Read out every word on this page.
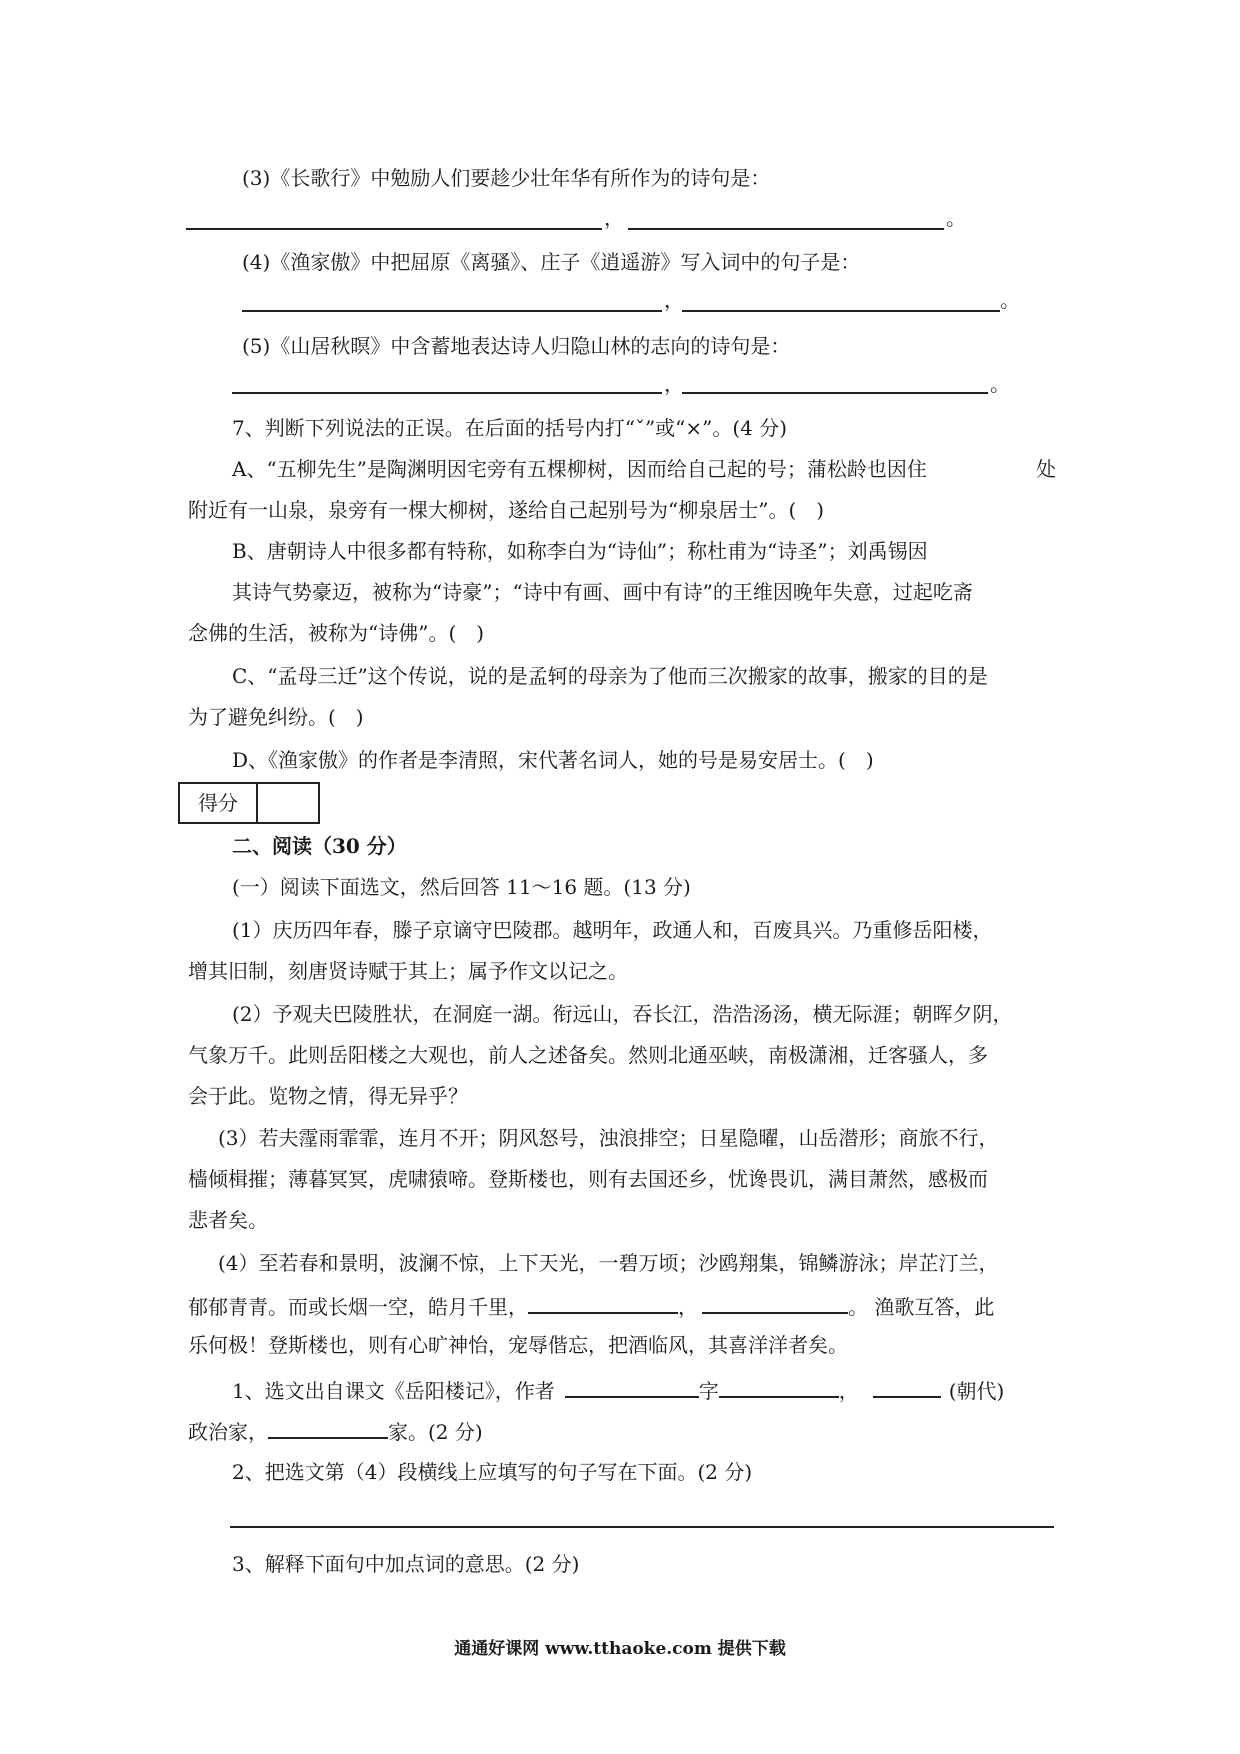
(3)《长歌行》中勉励人们要趁少壮年华有所作为的诗句是：
，	。
(4)《渔家傲》中把屈原《离骚》、庄子《逍遥游》写入词中的句子是：
，	。
(5)《山居秋暝》中含蓄地表达诗人归隐山林的志向的诗句是：
，	。
7、判断下列说法的正误。在后面的括号内打“ˇ”或“×”。(4 分)
A、“五柳先生”是陶渊明因宅旁有五棵柳树，因而给自己起的号；蒲松龄也因住	处
附近有一山泉，泉旁有一棵大柳树，遂给自己起别号为“柳泉居士”。(　)
B、唐朝诗人中很多都有特称，如称李白为“诗仙”；称杜甫为“诗圣”；刘禹锡因
其诗气势豪迈，被称为“诗豪”；“诗中有画、画中有诗”的王维因晚年失意，过起吃斋
念佛的生活，被称为“诗佛”。(　)
C、“孟母三迁”这个传说，说的是孟轲的母亲为了他而三次搬家的故事，搬家的目的是
为了避免纠纷。(　)
D、《渔家傲》的作者是李清照，宋代著名词人，她的号是易安居士。(　)
得分
二、阅读（30 分）
(一）阅读下面选文，然后回答 11～16 题。(13 分)
(1）庆历四年春，滕子京谪守巴陵郡。越明年，政通人和，百废具兴。乃重修岳阳楼，
增其旧制，刻唐贤诗赋于其上；属予作文以记之。
(2）予观夫巴陵胜状，在洞庭一湖。衔远山，吞长江，浩浩汤汤，横无际涯；朝晖夕阴，
气象万千。此则岳阳楼之大观也，前人之述备矣。然则北通巫峡，南极潇湘，迁客骚人，多
会于此。览物之情，得无异乎？
(3）若夫霪雨霏霏，连月不开；阴风怒号，浊浪排空；日星隐曜，山岳潜形；商旅不行，
樯倾楫摧；薄暮冥冥，虎啸猿啼。登斯楼也，则有去国还乡，忧谗畏讥，满目萧然，感极而
悲者矣。
(4）至若春和景明，波澜不惊，上下天光，一碧万顷；沙鸥翔集，锦鳞游泳；岸芷汀兰，
郁郁青青。而或长烟一空，皓月千里，	，	。 渔歌互答，此
乐何极！登斯楼也，则有心旷神怡，宠辱偕忘，把酒临风，其喜洋洋者矣。
1、选文出自课文《岳阳楼记》，作者	字	，	(朝代)
政治家，	家。(2 分)
2、把选文第（4）段横线上应填写的句子写在下面。(2 分)
3、解释下面句中加点词的意思。(2 分)
通通好课网 www.tthaoke.com 提供下载
